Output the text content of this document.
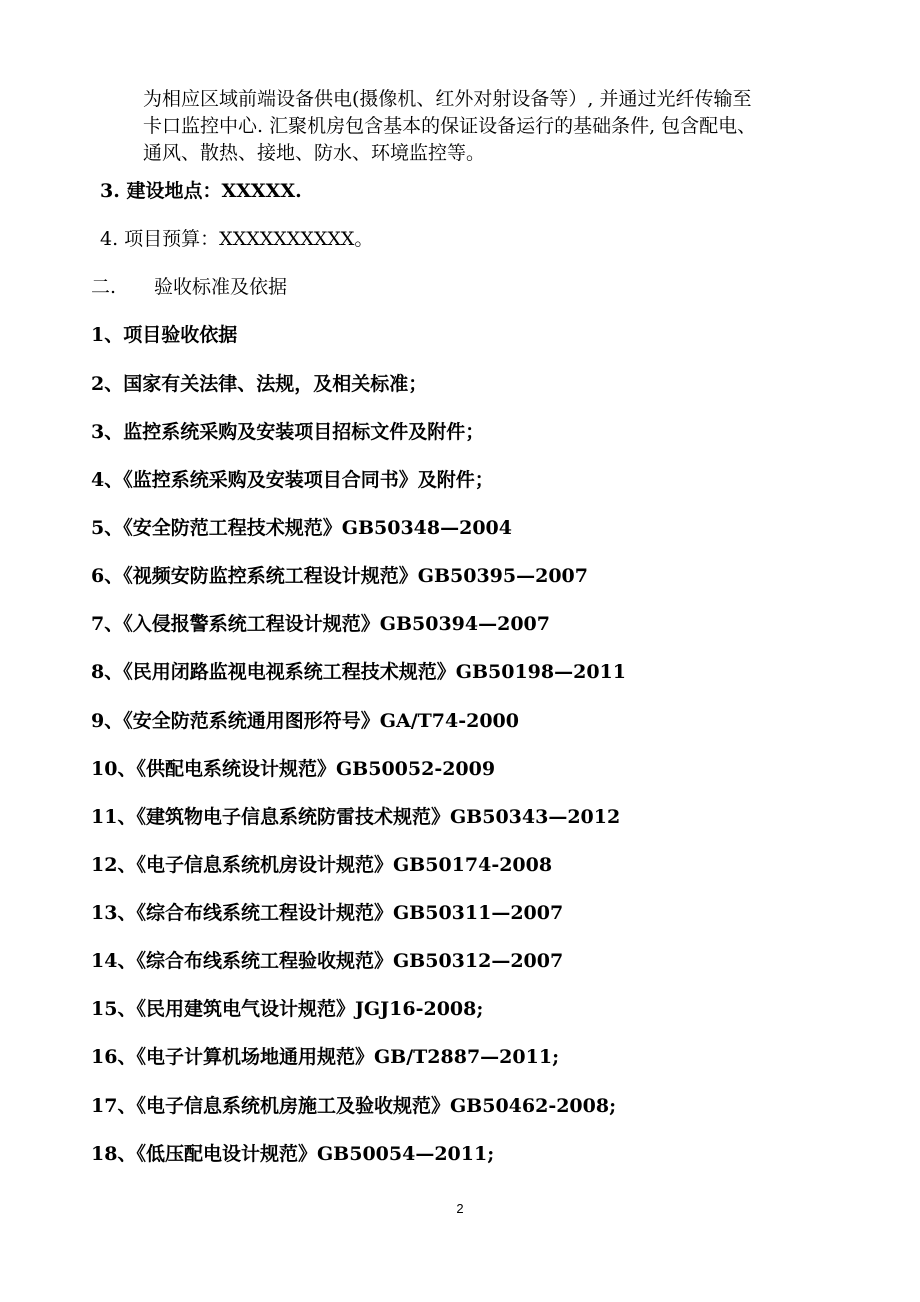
为相应区域前端设备供电(摄像机、红外对射设备等）, 并通过光纤传输至
卡口监控中心. 汇聚机房包含基本的保证设备运行的基础条件, 包含配电、
通风、散热、接地、防水、环境监控等。
3. 建设地点：XXXXX.
4. 项目预算：XXXXXXXXXX。
二. 验收标准及依据
1、项目验收依据
2、国家有关法律、法规，及相关标准；
3、监控系统采购及安装项目招标文件及附件；
4、《监控系统采购及安装项目合同书》及附件；
5、《安全防范工程技术规范》GB50348—2004
6、《视频安防监控系统工程设计规范》GB50395—2007
7、《入侵报警系统工程设计规范》GB50394—2007
8、《民用闭路监视电视系统工程技术规范》GB50198—2011
9、《安全防范系统通用图形符号》GA/T74-2000
10、《供配电系统设计规范》GB50052-2009
11、《建筑物电子信息系统防雷技术规范》GB50343—2012
12、《电子信息系统机房设计规范》GB50174-2008
13、《综合布线系统工程设计规范》GB50311—2007
14、《综合布线系统工程验收规范》GB50312—2007
15、《民用建筑电气设计规范》JGJ16-2008;
16、《电子计算机场地通用规范》GB/T2887—2011;
17、《电子信息系统机房施工及验收规范》GB50462-2008;
18、《低压配电设计规范》GB50054—2011;
2
